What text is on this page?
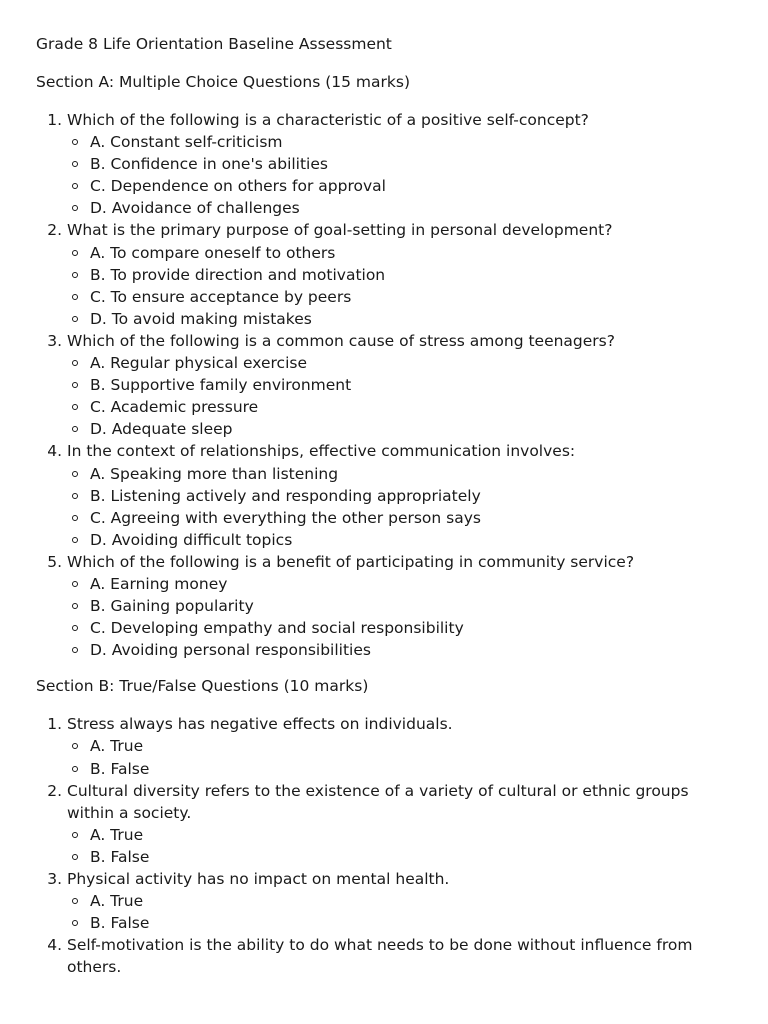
Grade 8 Life Orientation Baseline Assessment

Section A: Multiple Choice Questions (15 marks)

1. Which of the following is a characteristic of a positive self-concept?
A. Constant self-criticism
B. Confidence in one's abilities
C. Dependence on others for approval
D. Avoidance of challenges
2. What is the primary purpose of goal-setting in personal development?
A. To compare oneself to others
B. To provide direction and motivation
C. To ensure acceptance by peers
D. To avoid making mistakes
3. Which of the following is a common cause of stress among teenagers?
A. Regular physical exercise
B. Supportive family environment
C. Academic pressure
D. Adequate sleep
4. In the context of relationships, effective communication involves:
A. Speaking more than listening
B. Listening actively and responding appropriately
C. Agreeing with everything the other person says
D. Avoiding difficult topics
5. Which of the following is a benefit of participating in community service?
A. Earning money
B. Gaining popularity
C. Developing empathy and social responsibility
D. Avoiding personal responsibilities

Section B: True/False Questions (10 marks)

1. Stress always has negative effects on individuals.
A. True
B. False
2. Cultural diversity refers to the existence of a variety of cultural or ethnic groups within a society.
A. True
B. False
3. Physical activity has no impact on mental health.
A. True
B. False
4. Self-motivation is the ability to do what needs to be done without influence from others.
